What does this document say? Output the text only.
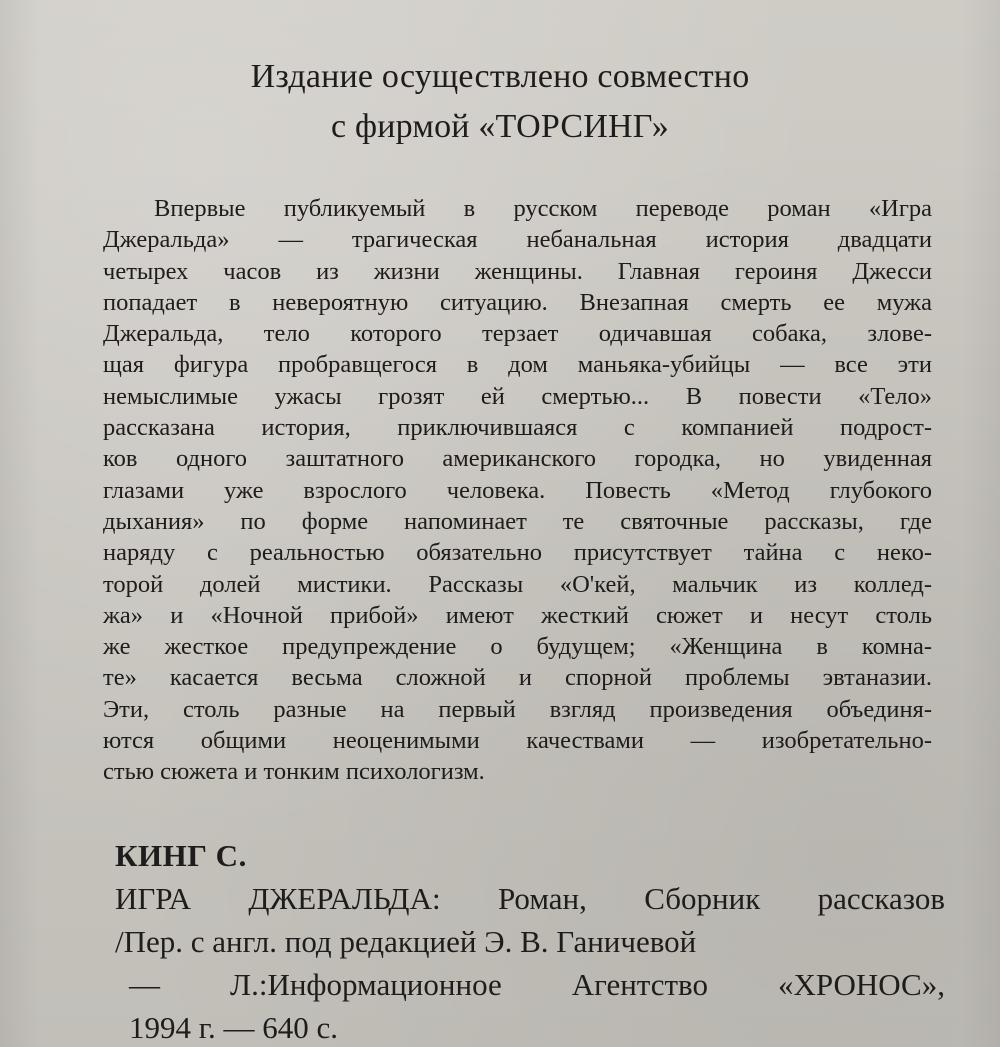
Издание осуществлено совместно
с фирмой «ТОРСИНГ»
Впервые публикуемый в русском переводе роман «Игра
Джеральда» — трагическая небанальная история двадцати
четырех часов из жизни женщины. Главная героиня Джесси
попадает в невероятную ситуацию. Внезапная смерть ее мужа
Джеральда, тело которого терзает одичавшая собака, злове-
щая фигура пробравщегося в дом маньяка-убийцы — все эти
немыслимые ужасы грозят ей смертью... В повести «Тело»
рассказана история, приключившаяся с компанией подрост-
ков одного заштатного американского городка, но увиденная
глазами уже взрослого человека. Повесть «Метод глубокого
дыхания» по форме напоминает те святочные рассказы, где
наряду с реальностью обязательно присутствует тайна с неко-
торой долей мистики. Рассказы «О'кей, мальчик из коллед-
жа» и «Ночной прибой» имеют жесткий сюжет и несут столь
же жесткое предупреждение о будущем; «Женщина в комна-
те» касается весьма сложной и спорной проблемы эвтаназии.
Эти, столь разные на первый взгляд произведения объединя-
ются общими неоценимыми качествами — изобретательно-
стью сюжета и тонким психологизм.
КИНГ С.
ИГРА ДЖЕРАЛЬДА: Роман, Сборник рассказов
/Пер. с англ. под редакцией Э. В. Ганичевой
— Л.:Информационное Агентство «ХРОНОС»,
1994 г. — 640 с.
